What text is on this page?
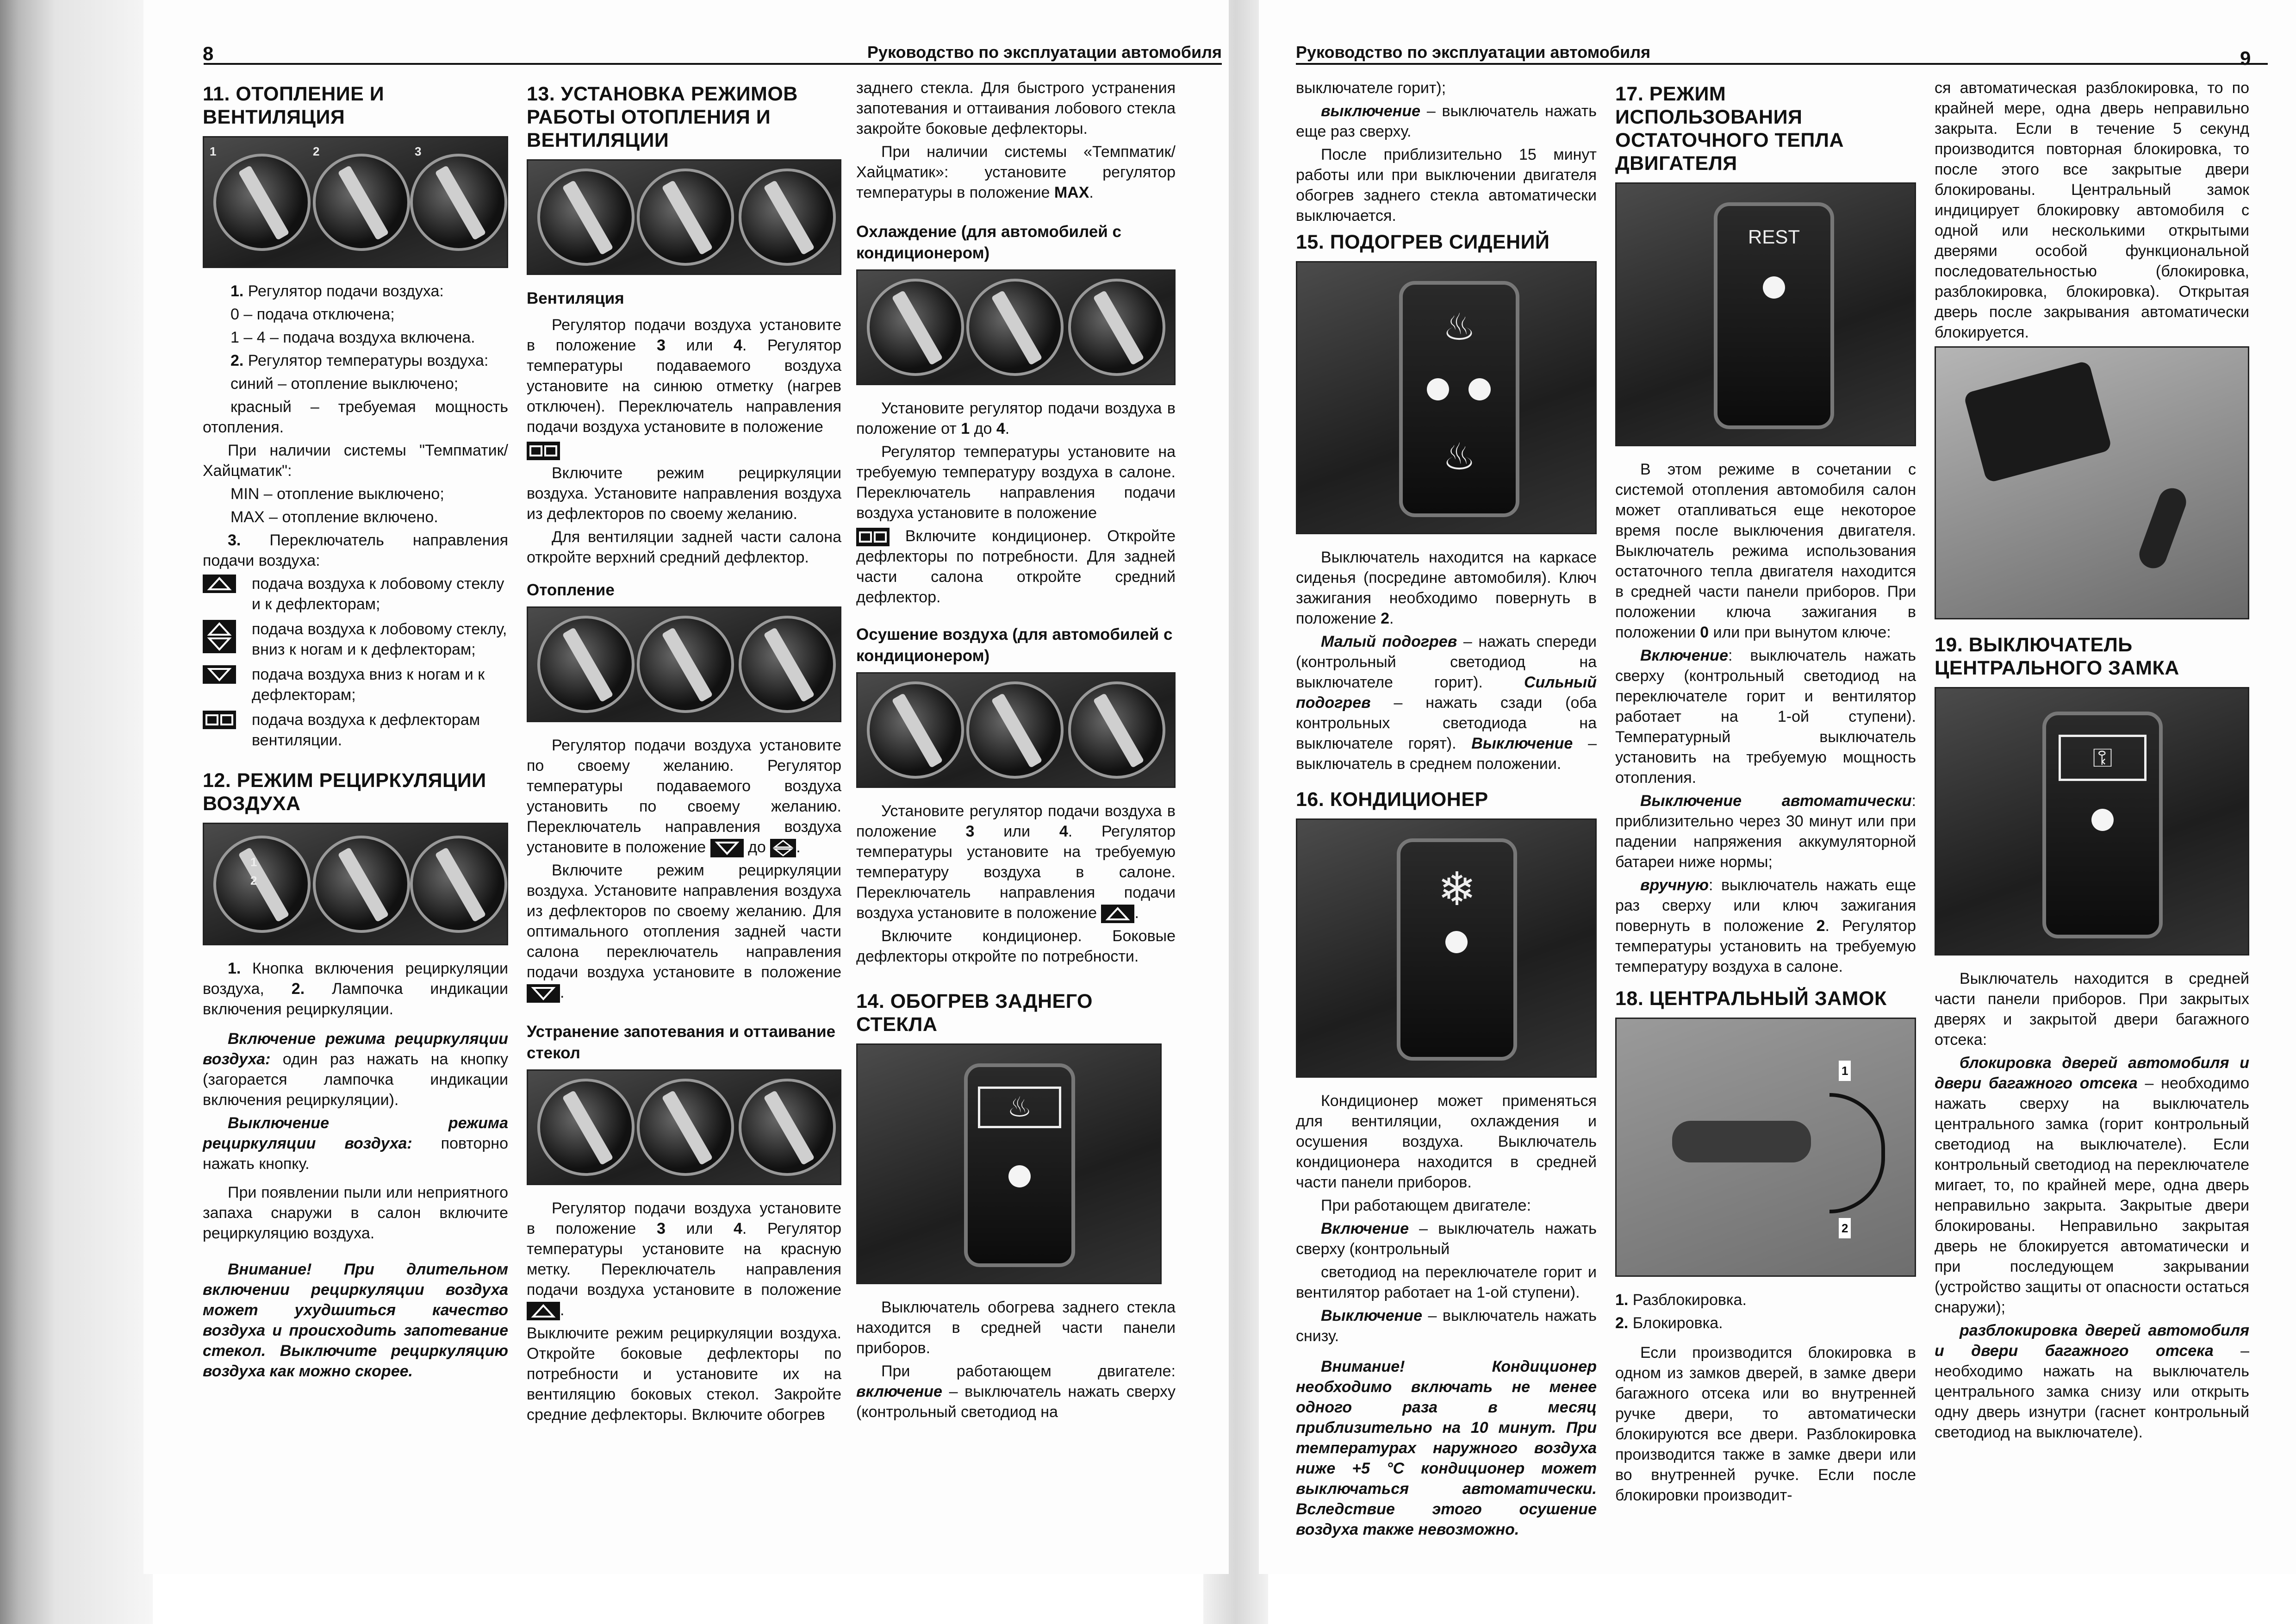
8	Руководство по эксплуатации автомобиля
11. ОТОПЛЕНИЕ И ВЕНТИЛЯЦИЯ
1	2	3

1. Регулятор подачи воздуха:

0 – подача отключена;

1 – 4 – подача воздуха включена.

2. Регулятор температуры воздуха:

синий – отопление выключено;

красный – требуемая мощность отопления.

При наличии системы "Темпматик/ Хайцматик":

MIN – отопление выключено;

MAX – отопление включено.

3. Переключатель направления подачи воздуха:

подача воздуха к лобовому стеклу и к дефлекторам;
подача воздуха к лобовому стеклу, вниз к ногам и к дефлекторам;
подача воздуха вниз к ногам и к дефлекторам;
подача воздуха к дефлекторам вентиляции.
12. РЕЖИМ РЕЦИРКУЛЯЦИИ ВОЗДУХА
1
2

1. Кнопка включения рециркуляции воздуха, 2. Лампочка индикации включения рециркуляции.

Включение режима рециркуляции воздуха: один раз нажать на кнопку (загорается лампочка индикации включения рециркуляции).

Выключение режима рециркуляции воздуха: повторно нажать кнопку.

При появлении пыли или неприятного запаха снаружи в салон включите рециркуляцию воздуха.

Внимание! При длительном включении рециркуляции воздуха может ухудшиться качество воздуха и происходить запотевание стекол. Выключите рециркуляцию воздуха как можно скорее.

13. УСТАНОВКА РЕЖИМОВ РАБОТЫ ОТОПЛЕНИЯ И ВЕНТИЛЯЦИИ
Вентиляция

Регулятор подачи воздуха установите в положение 3 или 4. Регулятор температуры подаваемого воздуха установите на синюю отметку (нагрев отключен). Переключатель направления подачи воздуха установите в положение

Включите режим рециркуляции воздуха. Установите направления воздуха из дефлекторов по своему желанию.

Для вентиляции задней части салона откройте верхний средний дефлектор.

Отопление

Регулятор подачи воздуха установите по своему желанию. Регулятор температуры подаваемого воздуха установить по своему желанию. Переключатель направления воздуха установите в положение
до
.

Включите режим рециркуляции воздуха. Установите направления воздуха из дефлекторов по своему желанию. Для оптимального отопления задней части салона переключатель направления подачи воздуха установите в положение
.

Устранение запотевания и оттаивание стекол

Регулятор подачи воздуха установите в положение 3 или 4. Регулятор температуры установите на красную метку. Переключатель направления подачи воздуха установите в положение
.

Выключите режим рециркуляции воздуха. Откройте боковые дефлекторы по потребности и установите их на вентиляцию боковых стекол. Закройте средние дефлекторы. Включите обогрев

заднего стекла. Для быстрого устранения запотевания и оттаивания лобового стекла закройте боковые дефлекторы.

При наличии системы «Темпматик/ Хайцматик»: установите регулятор температуры в положение MAX.

Охлаждение (для автомобилей с кондиционером)

Установите регулятор подачи воздуха в положение от 1 до 4.

Регулятор температуры установите на требуемую температуру воздуха в салоне. Переключатель направления подачи воздуха установите в положение

Включите кондиционер. Откройте дефлекторы по потребности. Для задней части салона откройте средний дефлектор.

Осушение воздуха (для автомобилей с кондиционером)

Установите регулятор подачи воздуха в положение 3 или 4. Регулятор температуры установите на требуемую температуру воздуха в салоне. Переключатель направления подачи воздуха установите в положение .

Включите кондиционер. Боковые дефлекторы откройте по потребности.

14. ОБОГРЕВ ЗАДНЕГО СТЕКЛА
♨

Выключатель обогрева заднего стекла находится в средней части панели приборов.

При работающем двигателе: включение – выключатель нажать сверху (контрольный светодиод на

Руководство по эксплуатации автомобиля	9

выключателе горит);

выключение – выключатель нажать еще раз сверху.

После приблизительно 15 минут работы или при выключении двигателя обогрев заднего стекла автоматически выключается.

15. ПОДОГРЕВ СИДЕНИЙ
♨
♨

Выключатель находится на каркасе сиденья (посредине автомобиля). Ключ зажигания необходимо повернуть в положение 2.

Малый подогрев – нажать спереди (контрольный светодиод на выключателе горит). Сильный подогрев – нажать сзади (оба контрольных светодиода на выключателе горят). Выключение – выключатель в среднем положении.

16. КОНДИЦИОНЕР
❄

Кондиционер может применяться для вентиляции, охлаждения и осушения воздуха. Выключатель кондиционера находится в средней части панели приборов.

При работающем двигателе:

Включение – выключатель нажать сверху (контрольный

светодиод на переключателе горит и вентилятор работает на 1-ой ступени).

Выключение – выключатель нажать снизу.

Внимание! Кондиционер необходимо включать не менее одного раза в месяц приблизительно на 10 минут. При температурах наружного воздуха ниже +5 °С кондиционер может выключаться автоматически. Вследствие этого осушение воздуха также невозможно.

17. РЕЖИМ ИСПОЛЬЗОВАНИЯ ОСТАТОЧНОГО ТЕПЛА ДВИГАТЕЛЯ
REST

В этом режиме в сочетании с системой отопления автомобиля салон может отапливаться еще некоторое время после выключения двигателя. Выключатель режима использования остаточного тепла двигателя находится в средней части панели приборов. При положении ключа зажигания в положении 0 или при вынутом ключе:

Включение: выключатель нажать сверху (контрольный светодиод на переключателе горит и вентилятор работает на 1-ой ступени). Температурный выключатель установить на требуемую мощность отопления.

Выключение автоматически: приблизительно через 30 минут или при падении напряжения аккумуляторной батареи ниже нормы;

вручную: выключатель нажать еще раз сверху или ключ зажигания повернуть в положение 2. Регулятор температуры установить на требуемую температуру воздуха в салоне.

18. ЦЕНТРАЛЬНЫЙ ЗАМОК
1
2

1. Разблокировка.

2. Блокировка.

Если производится блокировка в одном из замков дверей, в замке двери багажного отсека или во внутренней ручке двери, то автоматически блокируются все двери. Разблокировка производится также в замке двери или во внутренней ручке. Если после блокировки производит-

ся автоматическая разблокировка, то по крайней мере, одна дверь неправильно закрыта. Если в течение 5 секунд производится повторная блокировка, то после этого все закрытые двери блокированы. Центральный замок индицирует блокировку автомобиля с одной или несколькими открытыми дверями особой функциональной последовательностью (блокировка, разблокировка, блокировка). Открытая дверь после закрывания автоматически блокируется.

19. ВЫКЛЮЧАТЕЛЬ ЦЕНТРАЛЬНОГО ЗАМКА
⚿

Выключатель находится в средней части панели приборов. При закрытых дверях и закрытой двери багажного отсека:

блокировка дверей автомобиля и двери багажного отсека – необходимо нажать сверху на выключатель центрального замка (горит контрольный светодиод на выключателе). Если контрольный светодиод на переключателе мигает, то, по крайней мере, одна дверь неправильно закрыта. Закрытые двери блокированы. Неправильно закрытая дверь не блокируется автоматически и при последующем закрывании (устройство защиты от опасности остаться снаружи);

разблокировка дверей автомобиля и двери багажного отсека – необходимо нажать на выключатель центрального замка снизу или открыть одну дверь изнутри (гаснет контрольный светодиод на выключателе).
